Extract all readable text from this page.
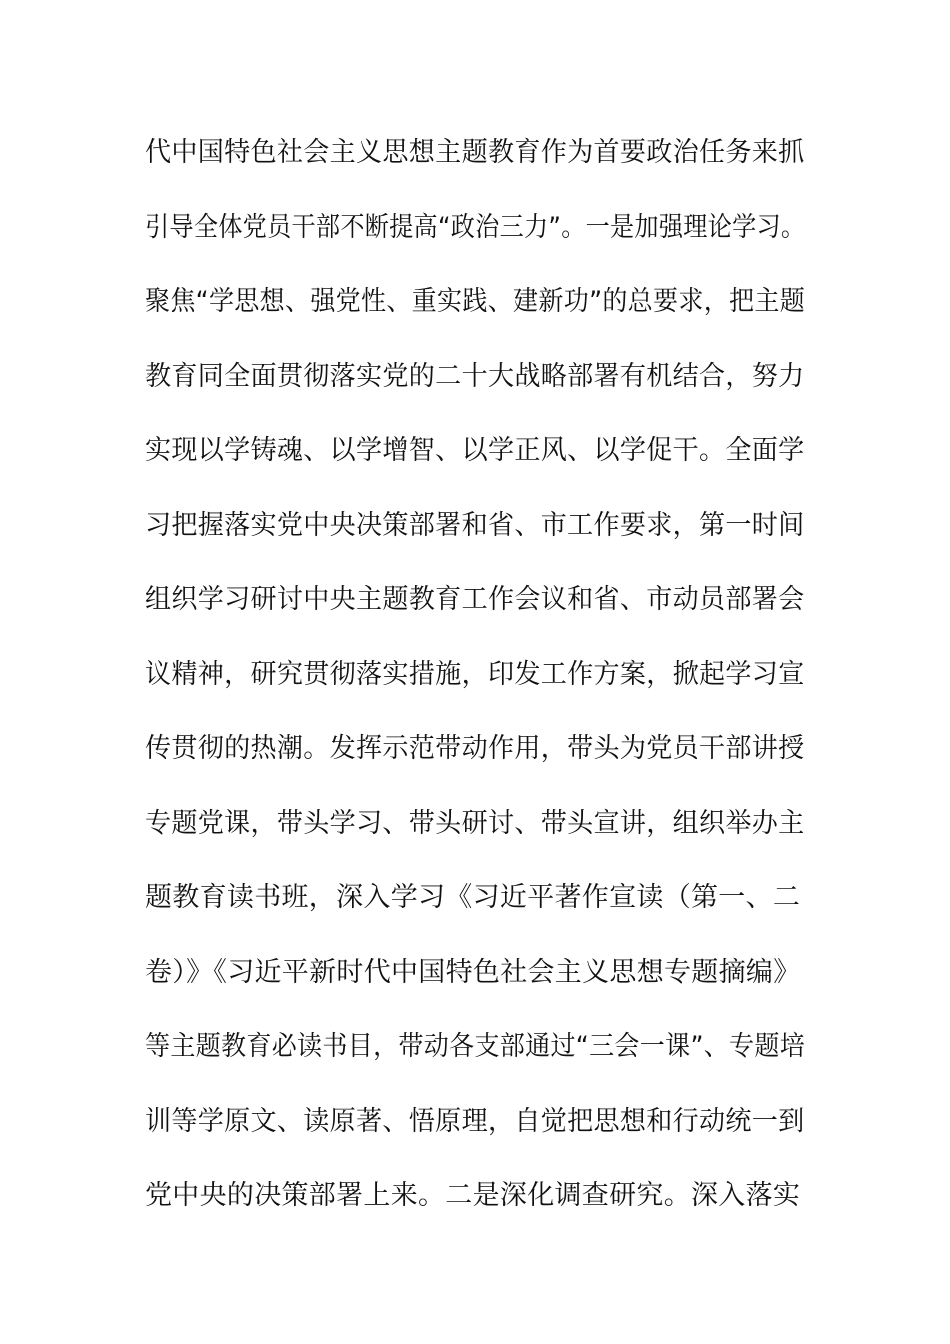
代中国特色社会主义思想主题教育作为首要政治任务来抓
引导全体党员干部不断提高“政治三力”。一是加强理论学习。
聚焦“学思想、强党性、重实践、建新功”的总要求，把主题
教育同全面贯彻落实党的二十大战略部署有机结合，努力
实现以学铸魂、以学增智、以学正风、以学促干。全面学
习把握落实党中央决策部署和省、市工作要求，第一时间
组织学习研讨中央主题教育工作会议和省、市动员部署会
议精神，研究贯彻落实措施，印发工作方案，掀起学习宣
传贯彻的热潮。发挥示范带动作用，带头为党员干部讲授
专题党课，带头学习、带头研讨、带头宣讲，组织举办主
题教育读书班，深入学习《习近平著作宣读（第一、二
卷）》《习近平新时代中国特色社会主义思想专题摘编》
等主题教育必读书目，带动各支部通过“三会一课”、专题培
训等学原文、读原著、悟原理，自觉把思想和行动统一到
党中央的决策部署上来。二是深化调查研究。深入落实
